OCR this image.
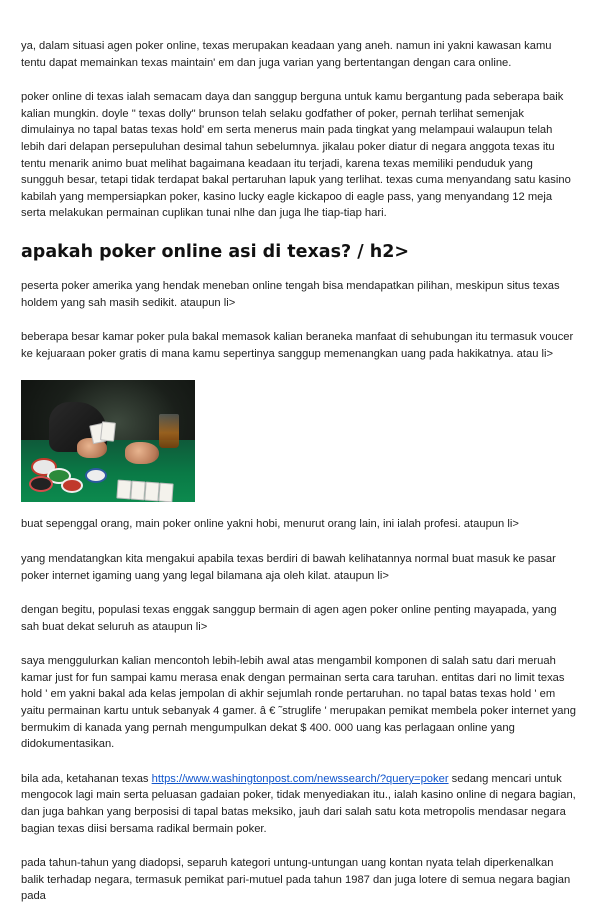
ya, dalam situasi agen poker online, texas merupakan keadaan yang aneh. namun ini yakni kawasan kamu tentu dapat memainkan texas maintain' em dan juga varian yang bertentangan dengan cara online.

poker online di texas ialah semacam daya dan sanggup berguna untuk kamu bergantung pada seberapa baik kalian mungkin. doyle " texas dolly" brunson telah selaku godfather of poker, pernah terlihat semenjak dimulainya no tapal batas texas hold' em serta menerus main pada tingkat yang melampaui walaupun telah lebih dari delapan persepuluhan desimal tahun sebelumnya. jikalau poker diatur di negara anggota texas itu tentu menarik animo buat melihat bagaimana keadaan itu terjadi, karena texas memiliki penduduk yang sungguh besar, tetapi tidak terdapat bakal pertaruhan lapuk yang terlihat. texas cuma menyandang satu kasino kabilah yang mempersiapkan poker, kasino lucky eagle kickapoo di eagle pass, yang menyandang 12 meja serta melakukan permainan cuplikan tunai nlhe dan juga lhe tiap-tiap hari.

apakah poker online asi di texas? / h2>

peserta poker amerika yang hendak meneban online tengah bisa mendapatkan pilihan, meskipun situs texas holdem yang sah masih sedikit. ataupun li>

beberapa besar kamar poker pula bakal memasok kalian beraneka manfaat di sehubungan itu termasuk voucer ke kejuaraan poker gratis di mana kamu sepertinya sanggup memenangkan uang pada hakikatnya. atau li>

buat sepenggal orang, main poker online yakni hobi, menurut orang lain, ini ialah profesi. ataupun li>

yang mendatangkan kita mengakui apabila texas berdiri di bawah kelihatannya normal buat masuk ke pasar poker internet igaming uang yang legal bilamana aja oleh kilat. ataupun li>

dengan begitu, populasi texas enggak sanggup bermain di agen agen poker online penting mayapada, yang sah buat dekat seluruh as ataupun li>

saya menggulurkan kalian mencontoh lebih-lebih awal atas mengambil komponen di salah satu dari meruah kamar just for fun sampai kamu merasa enak dengan permainan serta cara taruhan. entitas dari no limit texas hold ' em yakni bakal ada kelas jempolan di akhir sejumlah ronde pertaruhan. no tapal batas texas hold ' em yaitu permainan kartu untuk sebanyak 4 gamer. â € ˜struglife ' merupakan pemikat membela poker internet yang bermukim di kanada yang pernah mengumpulkan dekat $ 400. 000 uang kas perlagaan online yang didokumentasikan.

bila ada, ketahanan texas https://www.washingtonpost.com/newssearch/?query=poker sedang mencari untuk mengocok lagi main serta peluasan gadaian poker, tidak menyediakan itu., ialah kasino online di negara bagian, dan juga bahkan yang berposisi di tapal batas meksiko, jauh dari salah satu kota metropolis mendasar negara bagian texas diisi bersama radikal bermain poker.

pada tahun-tahun yang diadopsi, separuh kategori untung-untungan uang kontan nyata telah diperkenalkan balik terhadap negara, termasuk pemikat pari-mutuel pada tahun 1987 dan juga lotere di semua negara bagian pada
